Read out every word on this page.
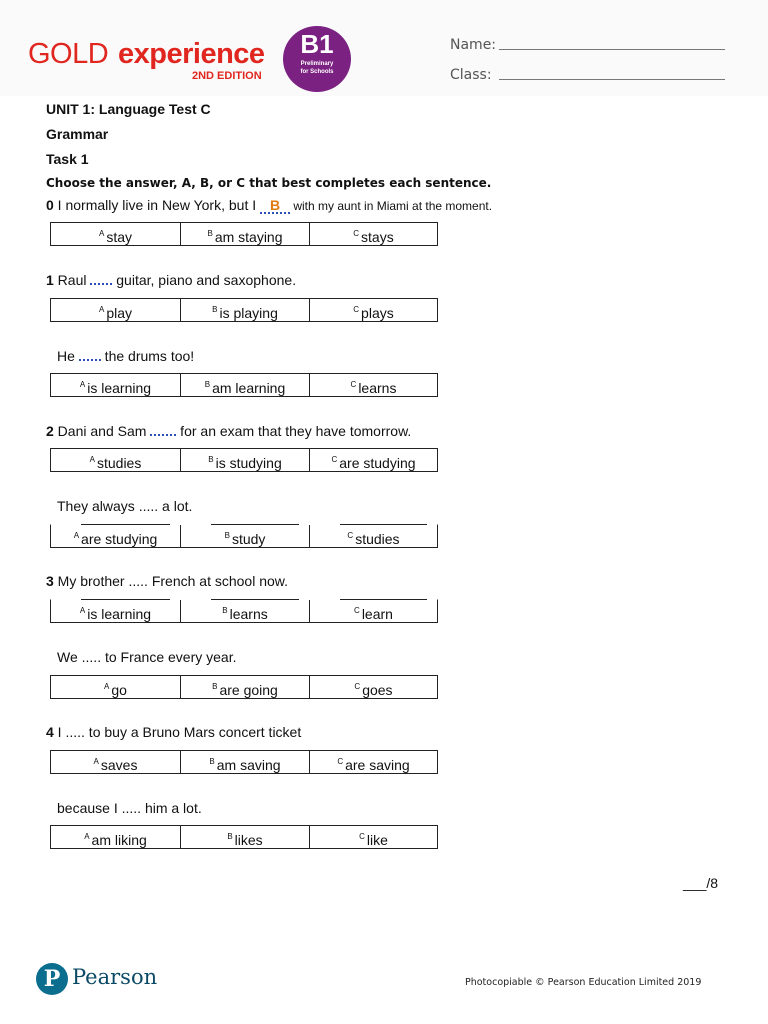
GOLD experience
2ND EDITION
B1
Preliminary
for Schools
Name:
Class:
UNIT 1: Language Test C
Grammar
Task 1
Choose the answer, A, B, or C that best completes each sentence.
0 I normally live in New York, but I B with my aunt in Miami at the moment.
$^A$ stay	$^B$ am staying	$^C$ stays
1 Raul  guitar, piano and saxophone.
$^A$ play	$^B$ is playing	$^C$ plays
He  the drums too!
$^A$ is learning	$^B$ am learning	$^C$ learns
2 Dani and Sam  for an exam that they have tomorrow.
$^A$ studies	$^B$ is studying	$^C$ are studying
They always ..... a lot.
$^A$ are studying	$^B$ study	$^C$ studies
3 My brother ..... French at school now.
$^A$ is learning	$^B$ learns	$^C$ learn
We ..... to France every year.
$^A$ go	$^B$ are going	$^C$ goes
4 I ..... to buy a Bruno Mars concert ticket
$^A$ saves	$^B$ am saving	$^C$ are saving
because I ..... him a lot.
$^A$ am liking	$^B$ likes	$^C$ like
___/8
P Pearson	Photocopiable © Pearson Education Limited 2019
